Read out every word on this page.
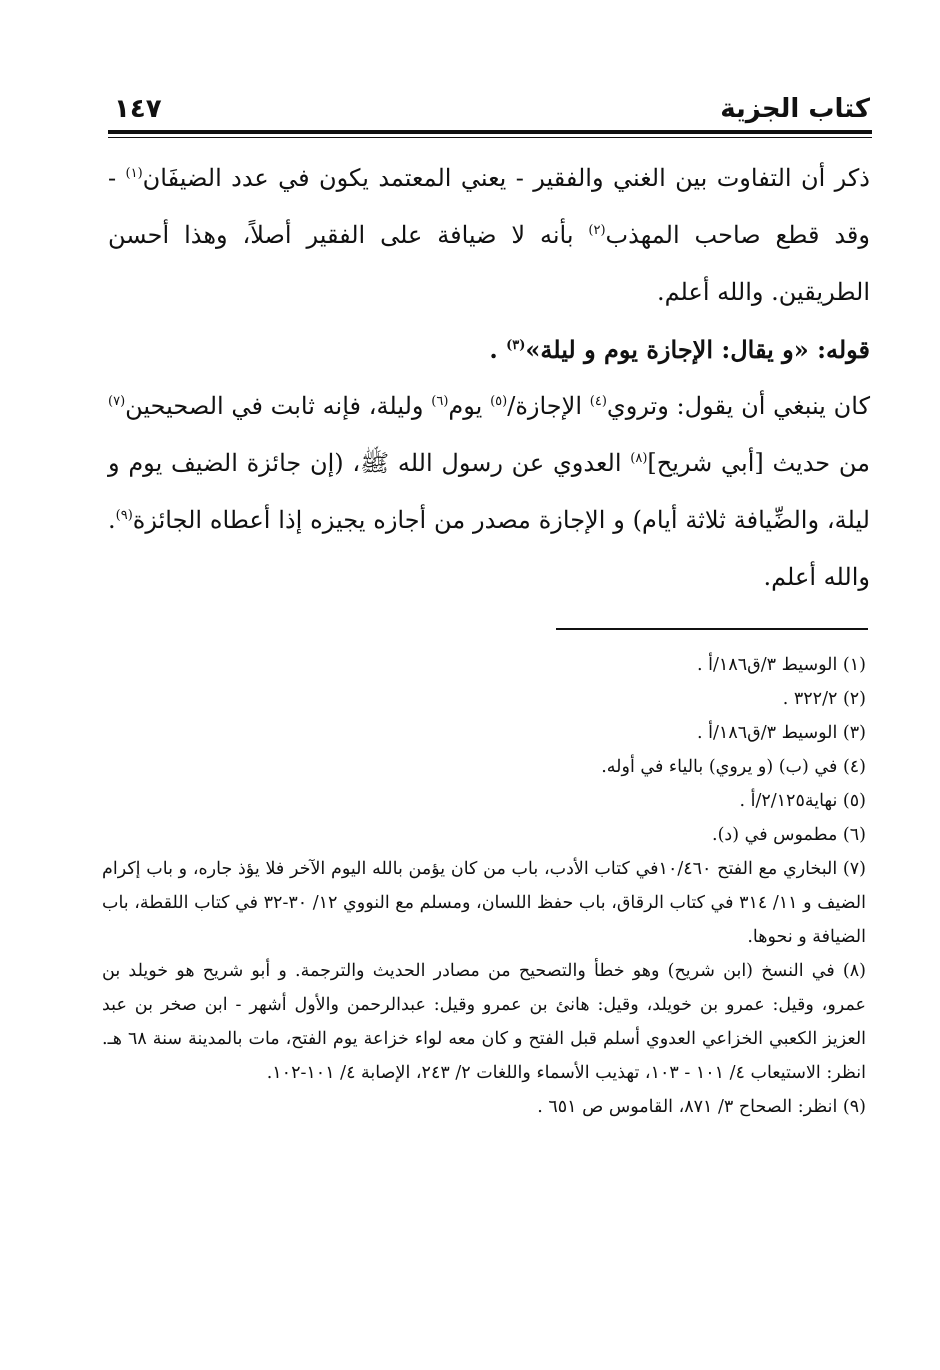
كتاب الجزية
١٤٧

ذكر أن التفاوت بين الغني والفقير - يعني المعتمد يكون في عدد الضيفَان$^{(١)}$ - وقد قطع صاحب المهذب$^{(٢)}$ بأنه لا ضيافة على الفقير أصلاً، وهذا أحسن الطريقين. والله أعلم.

قوله: «و يقال: الإجازة يوم و ليلة»$^{(٣)}$ .

كان ينبغي أن يقول: وتروي$^{(٤)}$ الإجازة/$^{(٥)}$ يوم$^{(٦)}$ وليلة، فإنه ثابت في الصحيحين$^{(٧)}$ من حديث [أبي شريح]$^{(٨)}$ العدوي عن رسول الله ﷺ، (إن جائزة الضيف يوم و ليلة، والضِّيافة ثلاثة أيام) و الإجازة مصدر من أجازه يجيزه إذا أعطاه الجائزة$^{(٩)}$. والله أعلم.

(١) الوسيط ٣/ق١٨٦/أ .

(٢) ٣٢٢/٢ .

(٣) الوسيط ٣/ق١٨٦/أ .

(٤) في (ب) (و يروي) بالياء في أوله.

(٥) نهاية٢/١٢٥/أ .

(٦) مطموس في (د).

(٧) البخاري مع الفتح ١٠/٤٦٠في كتاب الأدب، باب من كان يؤمن بالله اليوم الآخر فلا يؤذ جاره، و باب إكرام الضيف و ١١/ ٣١٤ في كتاب الرقاق، باب حفظ اللسان، ومسلم مع النووي ١٢/ ٣٠-٣٢ في كتاب اللقطة، باب الضيافة و نحوها.

(٨) في النسخ (ابن شريح) وهو خطأ والتصحيح من مصادر الحديث والترجمة. و أبو شريح هو خويلد بن عمرو، وقيل: عمرو بن خويلد، وقيل: هانئ بن عمرو وقيل: عبدالرحمن والأول أشهر - ابن صخر بن عبد العزيز الكعبي الخزاعي العدوي أسلم قبل الفتح و كان معه لواء خزاعة يوم الفتح، مات بالمدينة سنة ٦٨ هـ. انظر: الاستيعاب ٤/ ١٠١ - ١٠٣، تهذيب الأسماء واللغات ٢/ ٢٤٣، الإصابة ٤/ ١٠١-١٠٢.

(٩) انظر: الصحاح ٣/ ٨٧١، القاموس ص ٦٥١ .
